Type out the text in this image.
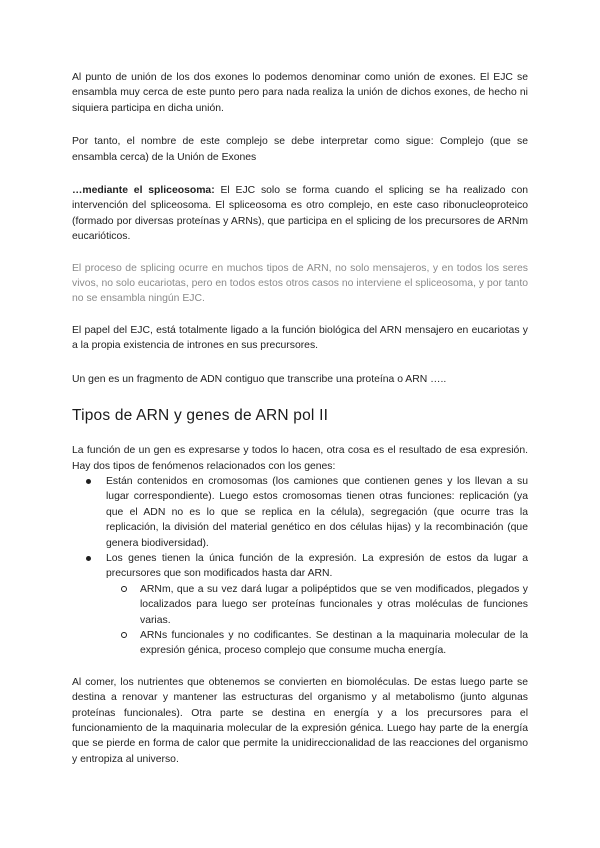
Al punto de unión de los dos exones lo podemos denominar como unión de exones. El EJC se ensambla muy cerca de este punto pero para nada realiza la unión de dichos exones, de hecho ni siquiera participa en dicha unión.

Por tanto, el nombre de este complejo se debe interpretar como sigue: Complejo (que se ensambla cerca) de la Unión de Exones

…mediante el spliceosoma: El EJC solo se forma cuando el splicing se ha realizado con intervención del spliceosoma. El spliceosoma es otro complejo, en este caso ribonucleoproteico (formado por diversas proteínas y ARNs), que participa en el splicing de los precursores de ARNm eucarióticos.

El proceso de splicing ocurre en muchos tipos de ARN, no solo mensajeros, y en todos los seres vivos, no solo eucariotas, pero en todos estos otros casos no interviene el spliceosoma, y por tanto no se ensambla ningún EJC.

El papel del EJC, está totalmente ligado a la función biológica del ARN mensajero en eucariotas y a la propia existencia de intrones en sus precursores.

Un gen es un fragmento de ADN contiguo que transcribe una proteína o ARN …..

Tipos de ARN y genes de ARN pol II

La función de un gen es expresarse y todos lo hacen, otra cosa es el resultado de esa expresión. Hay dos tipos de fenómenos relacionados con los genes:

Están contenidos en cromosomas (los camiones que contienen genes y los llevan a su lugar correspondiente). Luego estos cromosomas tienen otras funciones: replicación (ya que el ADN no es lo que se replica en la célula), segregación (que ocurre tras la replicación, la división del material genético en dos células hijas) y la recombinación (que genera biodiversidad).
Los genes tienen la única función de la expresión. La expresión de estos da lugar a precursores que son modificados hasta dar ARN.
ARNm, que a su vez dará lugar a polipéptidos que se ven modificados, plegados y localizados para luego ser proteínas funcionales y otras moléculas de funciones varias.
ARNs funcionales y no codificantes. Se destinan a la maquinaria molecular de la expresión génica, proceso complejo que consume mucha energía.

Al comer, los nutrientes que obtenemos se convierten en biomoléculas. De estas luego parte se destina a renovar y mantener las estructuras del organismo y al metabolismo (junto algunas proteínas funcionales). Otra parte se destina en energía y a los precursores para el funcionamiento de la maquinaria molecular de la expresión génica. Luego hay parte de la energía que se pierde en forma de calor que permite la unidireccionalidad de las reacciones del organismo y entropiza al universo.
